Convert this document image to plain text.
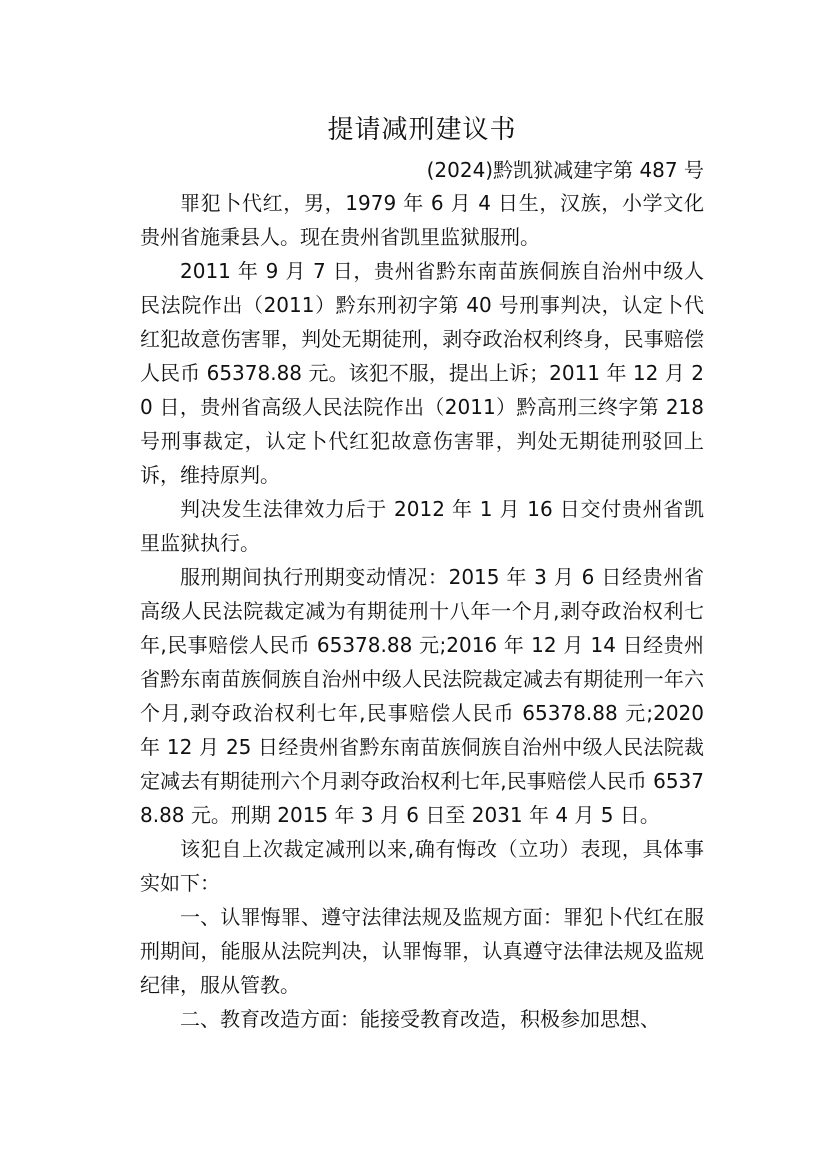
提请减刑建议书

(2024)黔凯狱减建字第 487 号

罪犯卜代红，男，1979 年 6 月 4 日生，汉族，小学文化贵州省施秉县人。现在贵州省凯里监狱服刑。

2011 年 9 月 7 日，贵州省黔东南苗族侗族自治州中级人民法院作出（2011）黔东刑初字第 40 号刑事判决，认定卜代红犯故意伤害罪，判处无期徒刑，剥夺政治权利终身，民事赔偿人民币 65378.88 元。该犯不服，提出上诉；2011 年 12 月 20 日，贵州省高级人民法院作出（2011）黔高刑三终字第 218 号刑事裁定，认定卜代红犯故意伤害罪，判处无期徒刑驳回上诉，维持原判。

判决发生法律效力后于 2012 年 1 月 16 日交付贵州省凯里监狱执行。

服刑期间执行刑期变动情况：2015 年 3 月 6 日经贵州省高级人民法院裁定减为有期徒刑十八年一个月,剥夺政治权利七年,民事赔偿人民币 65378.88 元;2016 年 12 月 14 日经贵州省黔东南苗族侗族自治州中级人民法院裁定减去有期徒刑一年六个月,剥夺政治权利七年,民事赔偿人民币 65378.88 元;2020 年 12 月 25 日经贵州省黔东南苗族侗族自治州中级人民法院裁定减去有期徒刑六个月剥夺政治权利七年,民事赔偿人民币 65378.88 元。刑期 2015 年 3 月 6 日至 2031 年 4 月 5 日。

该犯自上次裁定减刑以来,确有悔改（立功）表现，具体事实如下：

一、认罪悔罪、遵守法律法规及监规方面：罪犯卜代红在服刑期间，能服从法院判决，认罪悔罪，认真遵守法律法规及监规纪律，服从管教。

二、教育改造方面：能接受教育改造，积极参加思想、
